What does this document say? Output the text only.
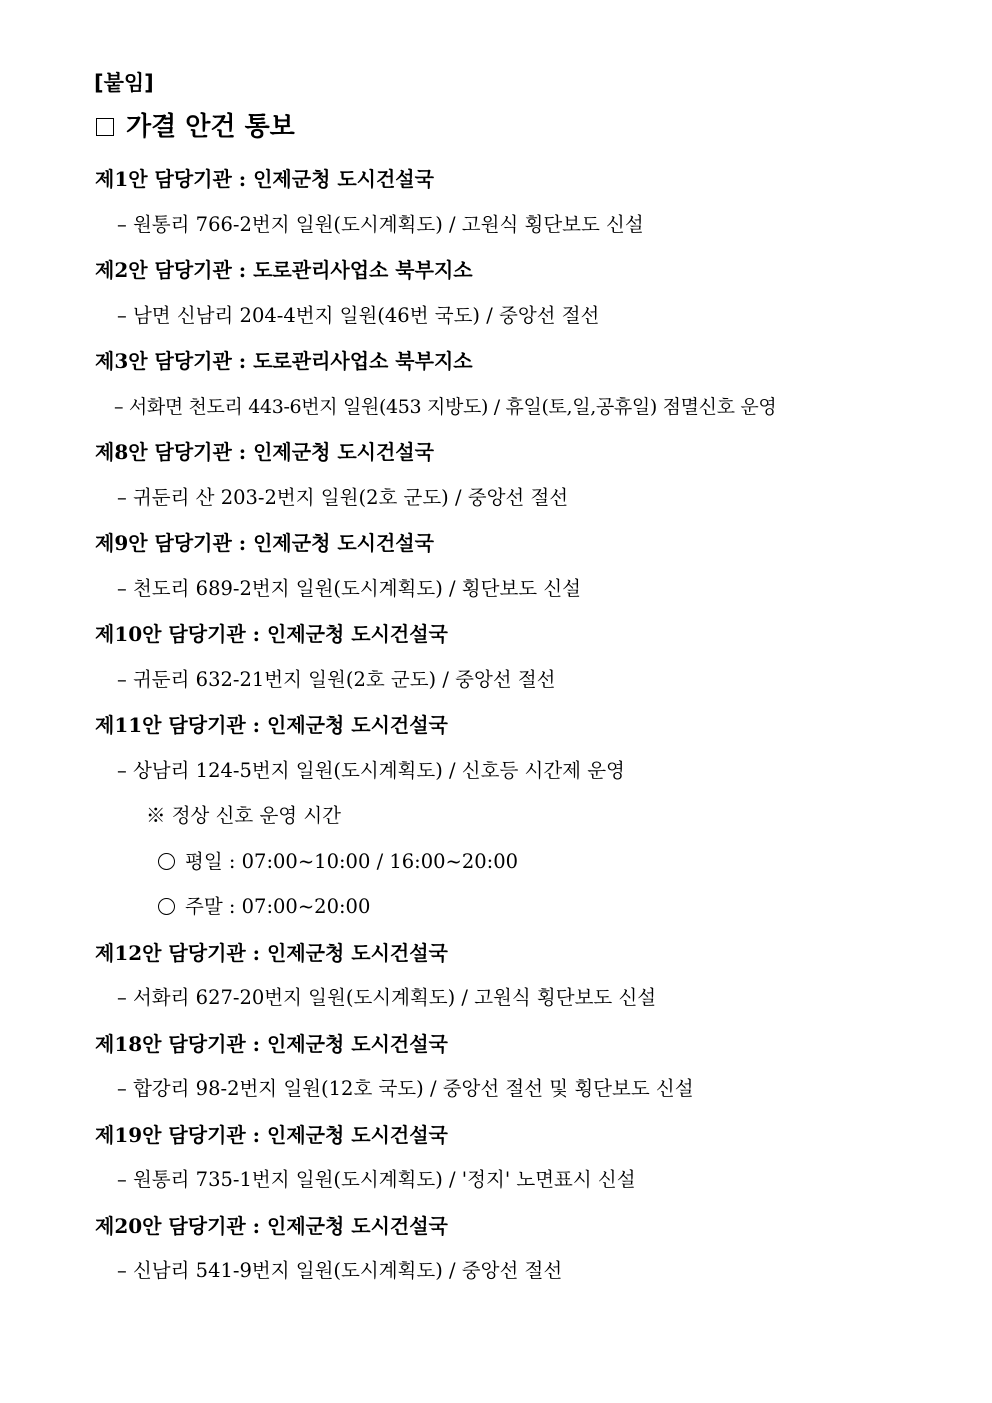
[붙임]
가결 안건 통보
제1안 담당기관 : 인제군청 도시건설국
– 원통리 766-2번지 일원(도시계획도) / 고원식 횡단보도 신설
제2안 담당기관 : 도로관리사업소 북부지소
– 남면 신남리 204-4번지 일원(46번 국도) / 중앙선 절선
제3안 담당기관 : 도로관리사업소 북부지소
– 서화면 천도리 443-6번지 일원(453 지방도) / 휴일(토,일,공휴일) 점멸신호 운영
제8안 담당기관 : 인제군청 도시건설국
– 귀둔리 산 203-2번지 일원(2호 군도) / 중앙선 절선
제9안 담당기관 : 인제군청 도시건설국
– 천도리 689-2번지 일원(도시계획도) / 횡단보도 신설
제10안 담당기관 : 인제군청 도시건설국
– 귀둔리 632-21번지 일원(2호 군도) / 중앙선 절선
제11안 담당기관 : 인제군청 도시건설국
– 상남리 124-5번지 일원(도시계획도) / 신호등 시간제 운영
※ 정상 신호 운영 시간
평일 : 07:00~10:00 / 16:00~20:00
주말 : 07:00~20:00
제12안 담당기관 : 인제군청 도시건설국
– 서화리 627-20번지 일원(도시계획도) / 고원식 횡단보도 신설
제18안 담당기관 : 인제군청 도시건설국
– 합강리 98-2번지 일원(12호 국도) / 중앙선 절선 및 횡단보도 신설
제19안 담당기관 : 인제군청 도시건설국
– 원통리 735-1번지 일원(도시계획도) / '정지' 노면표시 신설
제20안 담당기관 : 인제군청 도시건설국
– 신남리 541-9번지 일원(도시계획도) / 중앙선 절선
